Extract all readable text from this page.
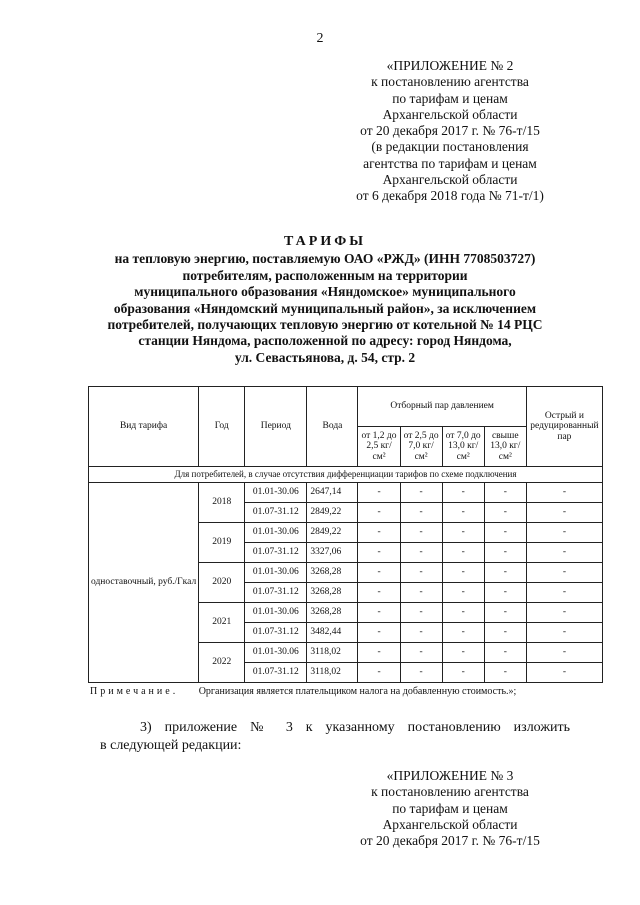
2
«ПРИЛОЖЕНИЕ № 2
к постановлению агентства
по тарифам и ценам
Архангельской области
от 20 декабря 2017 г. № 76-т/15
(в редакции постановления
агентства по тарифам и ценам
Архангельской области
от 6 декабря 2018 года № 71-т/1)
ТАРИФЫ
на тепловую энергию, поставляемую ОАО «РЖД» (ИНН 7708503727)
потребителям, расположенным на территории
муниципального образования «Няндомское» муниципального
образования «Няндомский муниципальный район», за исключением
потребителей, получающих тепловую энергию от котельной № 14 РЦС
станции Няндома, расположенной по адресу: город Няндома,
ул. Севастьянова, д. 54, стр. 2
Вид тарифа	Год	Период	Вода	Отборный пар давлением				Острый и редуцированный пар
				от 1,2 до 2,5 кг/см²	от 2,5 до 7,0 кг/см²	от 7,0 до 13,0 кг/см²	свыше 13,0 кг/см²	
Для потребителей, в случае отсутствия дифференциации тарифов по схеме подключения								
одноставочный, руб./Гкал	2018	01.01-30.06	2647,14	-	-	-	-	-
		01.07-31.12	2849,22	-	-	-	-	-
	2019	01.01-30.06	2849,22	-	-	-	-	-
		01.07-31.12	3327,06	-	-	-	-	-
	2020	01.01-30.06	3268,28	-	-	-	-	-
		01.07-31.12	3268,28	-	-	-	-	-
	2021	01.01-30.06	3268,28	-	-	-	-	-
		01.07-31.12	3482,44	-	-	-	-	-
	2022	01.01-30.06	3118,02	-	-	-	-	-
		01.07-31.12	3118,02	-	-	-	-	-
Примечание. Организация является плательщиком налога на добавленную стоимость.»;
3) приложение № 3 к указанному постановлению изложить
в следующей редакции:
«ПРИЛОЖЕНИЕ № 3
к постановлению агентства
по тарифам и ценам
Архангельской области
от 20 декабря 2017 г. № 76-т/15
